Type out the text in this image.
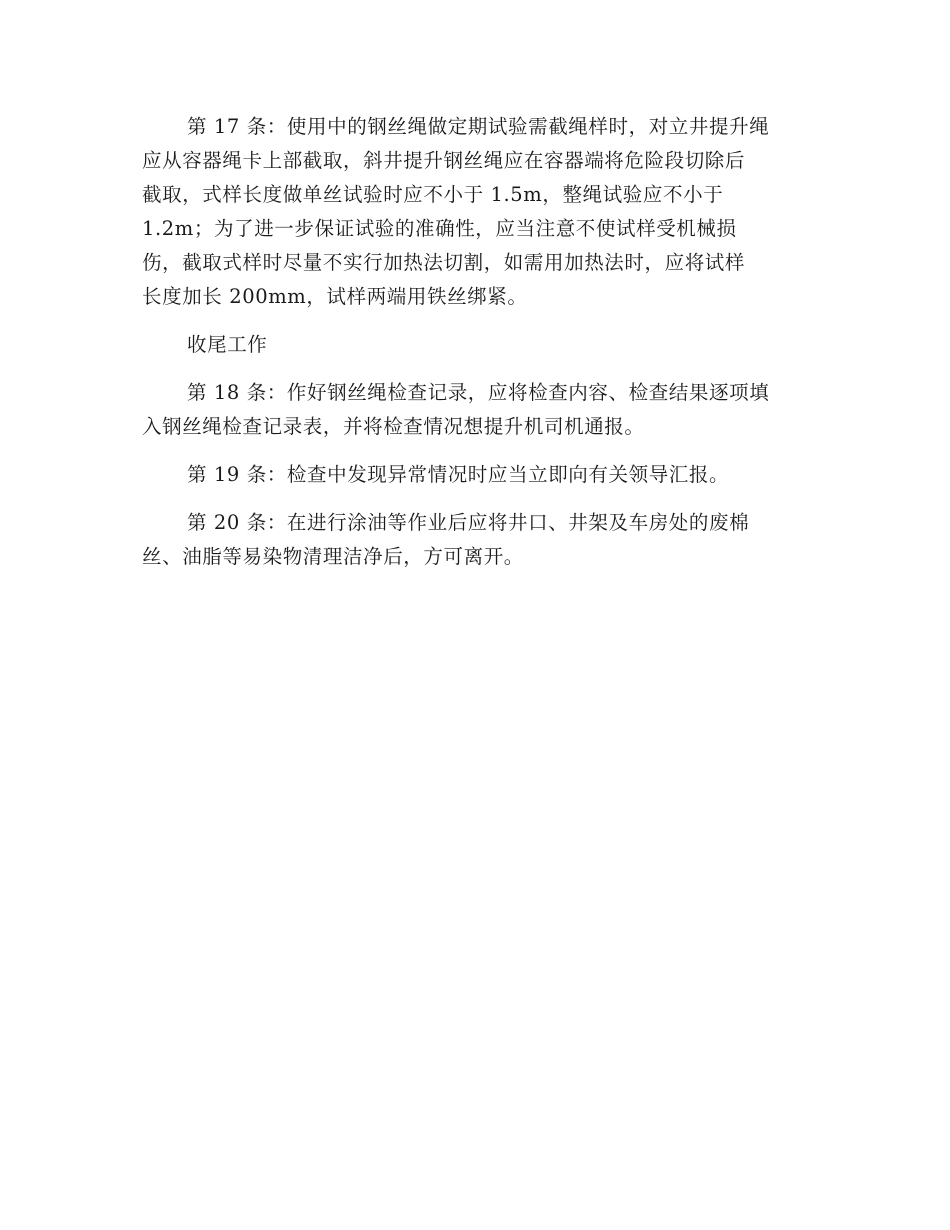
第 17 条：使用中的钢丝绳做定期试验需截绳样时，对立井提升绳
应从容器绳卡上部截取，斜井提升钢丝绳应在容器端将危险段切除后
截取，式样长度做单丝试验时应不小于 1.5m，整绳试验应不小于
1.2m；为了进一步保证试验的准确性，应当注意不使试样受机械损
伤，截取式样时尽量不实行加热法切割，如需用加热法时，应将试样
长度加长 200mm，试样两端用铁丝绑紧。

收尾工作

第 18 条：作好钢丝绳检查记录，应将检查内容、检查结果逐项填
入钢丝绳检查记录表，并将检查情况想提升机司机通报。

第 19 条：检查中发现异常情况时应当立即向有关领导汇报。

第 20 条：在进行涂油等作业后应将井口、井架及车房处的废棉
丝、油脂等易染物清理洁净后，方可离开。
